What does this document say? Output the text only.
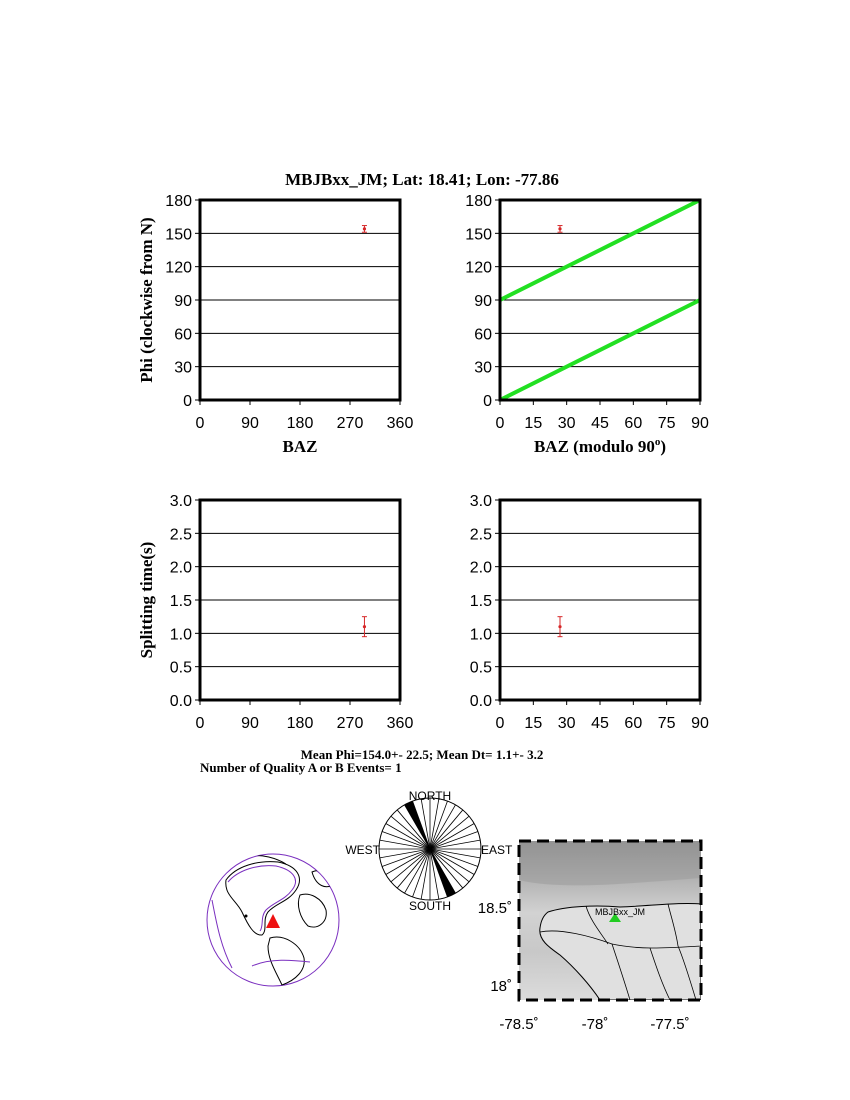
MBJBxx_JM; Lat: 18.41; Lon: -77.86
0
30
60
90
120
150
180
0 90 180 270 360
BAZ
Phi (clockwise from N)
0
30
60
90
120
150
180
0 15 30 45 60 75 90
BAZ (modulo 90$^o$)
0.0
0.5
1.0
1.5
2.0
2.5
3.0
0 90 180 270 360
Splitting time(s)
0.0
0.5
1.0
1.5
2.0
2.5
3.0
0 15 30 45 60 75 90
Mean Phi=154.0+- 22.5; Mean Dt= 1.1+- 3.2
Number of Quality A or B Events= 1
NORTH
SOUTH
WEST	EAST
MBJBxx_JM
18.5˚
18˚
-78.5˚	-78˚	-77.5˚
